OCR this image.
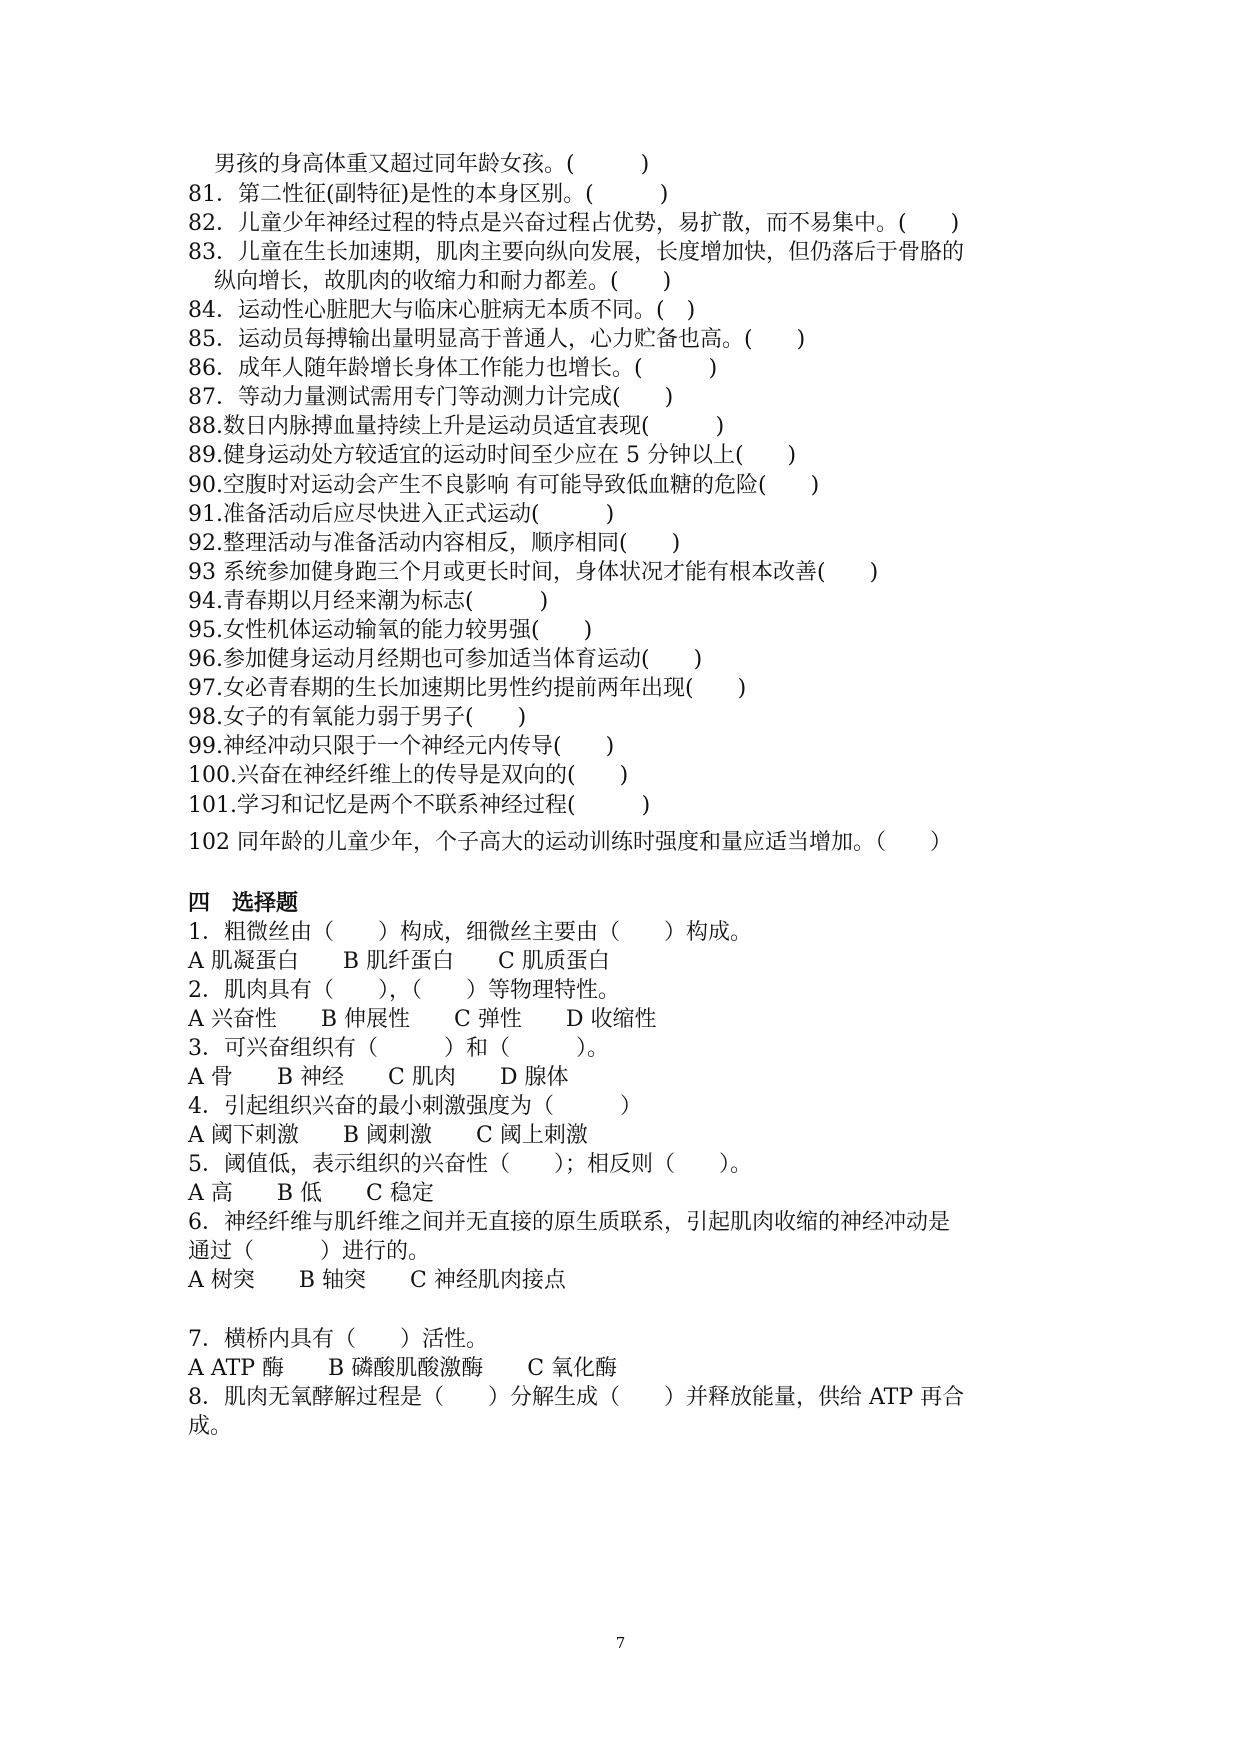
男孩的身高体重又超过同年龄女孩。(　　　)
81．第二性征(副特征)是性的本身区别。(　　　)
82．儿童少年神经过程的特点是兴奋过程占优势，易扩散，而不易集中。(　　)
83．儿童在生长加速期，肌肉主要向纵向发展，长度增加快，但仍落后于骨胳的
纵向增长，故肌肉的收缩力和耐力都差。(　　)
84．运动性心脏肥大与临床心脏病无本质不同。(　)
85．运动员每搏输出量明显高于普通人，心力贮备也高。(　　)
86．成年人随年龄增长身体工作能力也增长。(　　　)
87．等动力量测试需用专门等动测力计完成(　　)
88.数日内脉搏血量持续上升是运动员适宜表现(　　　)
89.健身运动处方较适宜的运动时间至少应在 5 分钟以上(　　)
90.空腹时对运动会产生不良影响 有可能导致低血糖的危险(　　)
91.准备活动后应尽快进入正式运动(　　　)
92.整理活动与准备活动内容相反，顺序相同(　　)
93 系统参加健身跑三个月或更长时间，身体状况才能有根本改善(　　)
94.青春期以月经来潮为标志(　　　)
95.女性机体运动输氧的能力较男强(　　)
96.参加健身运动月经期也可参加适当体育运动(　　)
97.女必青春期的生长加速期比男性约提前两年出现(　　)
98.女子的有氧能力弱于男子(　　)
99.神经冲动只限于一个神经元内传导(　　)
100.兴奋在神经纤维上的传导是双向的(　　)
101.学习和记忆是两个不联系神经过程(　　　)
102 同年龄的儿童少年，个子高大的运动训练时强度和量应适当增加。（　　）
四　选择题
1．粗微丝由（　　）构成，细微丝主要由（　　）构成。
A 肌凝蛋白　　B 肌纤蛋白　　C 肌质蛋白
2．肌肉具有（　　），（　　）等物理特性。
A 兴奋性　　B 伸展性　　C 弹性　　D 收缩性
3．可兴奋组织有（　　　）和（　　　）。
A 骨　　B 神经　　C 肌肉　　D 腺体
4．引起组织兴奋的最小刺激强度为（　　　）
A 阈下刺激　　B 阈刺激　　C 阈上刺激
5．阈值低，表示组织的兴奋性（　　）；相反则（　　）。
A 高　　B 低　　C 稳定
6．神经纤维与肌纤维之间并无直接的原生质联系，引起肌肉收缩的神经冲动是
通过（　　　）进行的。
A 树突　　B 轴突　　C 神经肌肉接点
7．横桥内具有（　　）活性。
A ATP 酶　　B 磷酸肌酸激酶　　C 氧化酶
8．肌肉无氧酵解过程是（　　）分解生成（　　）并释放能量，供给 ATP 再合
成。
7
